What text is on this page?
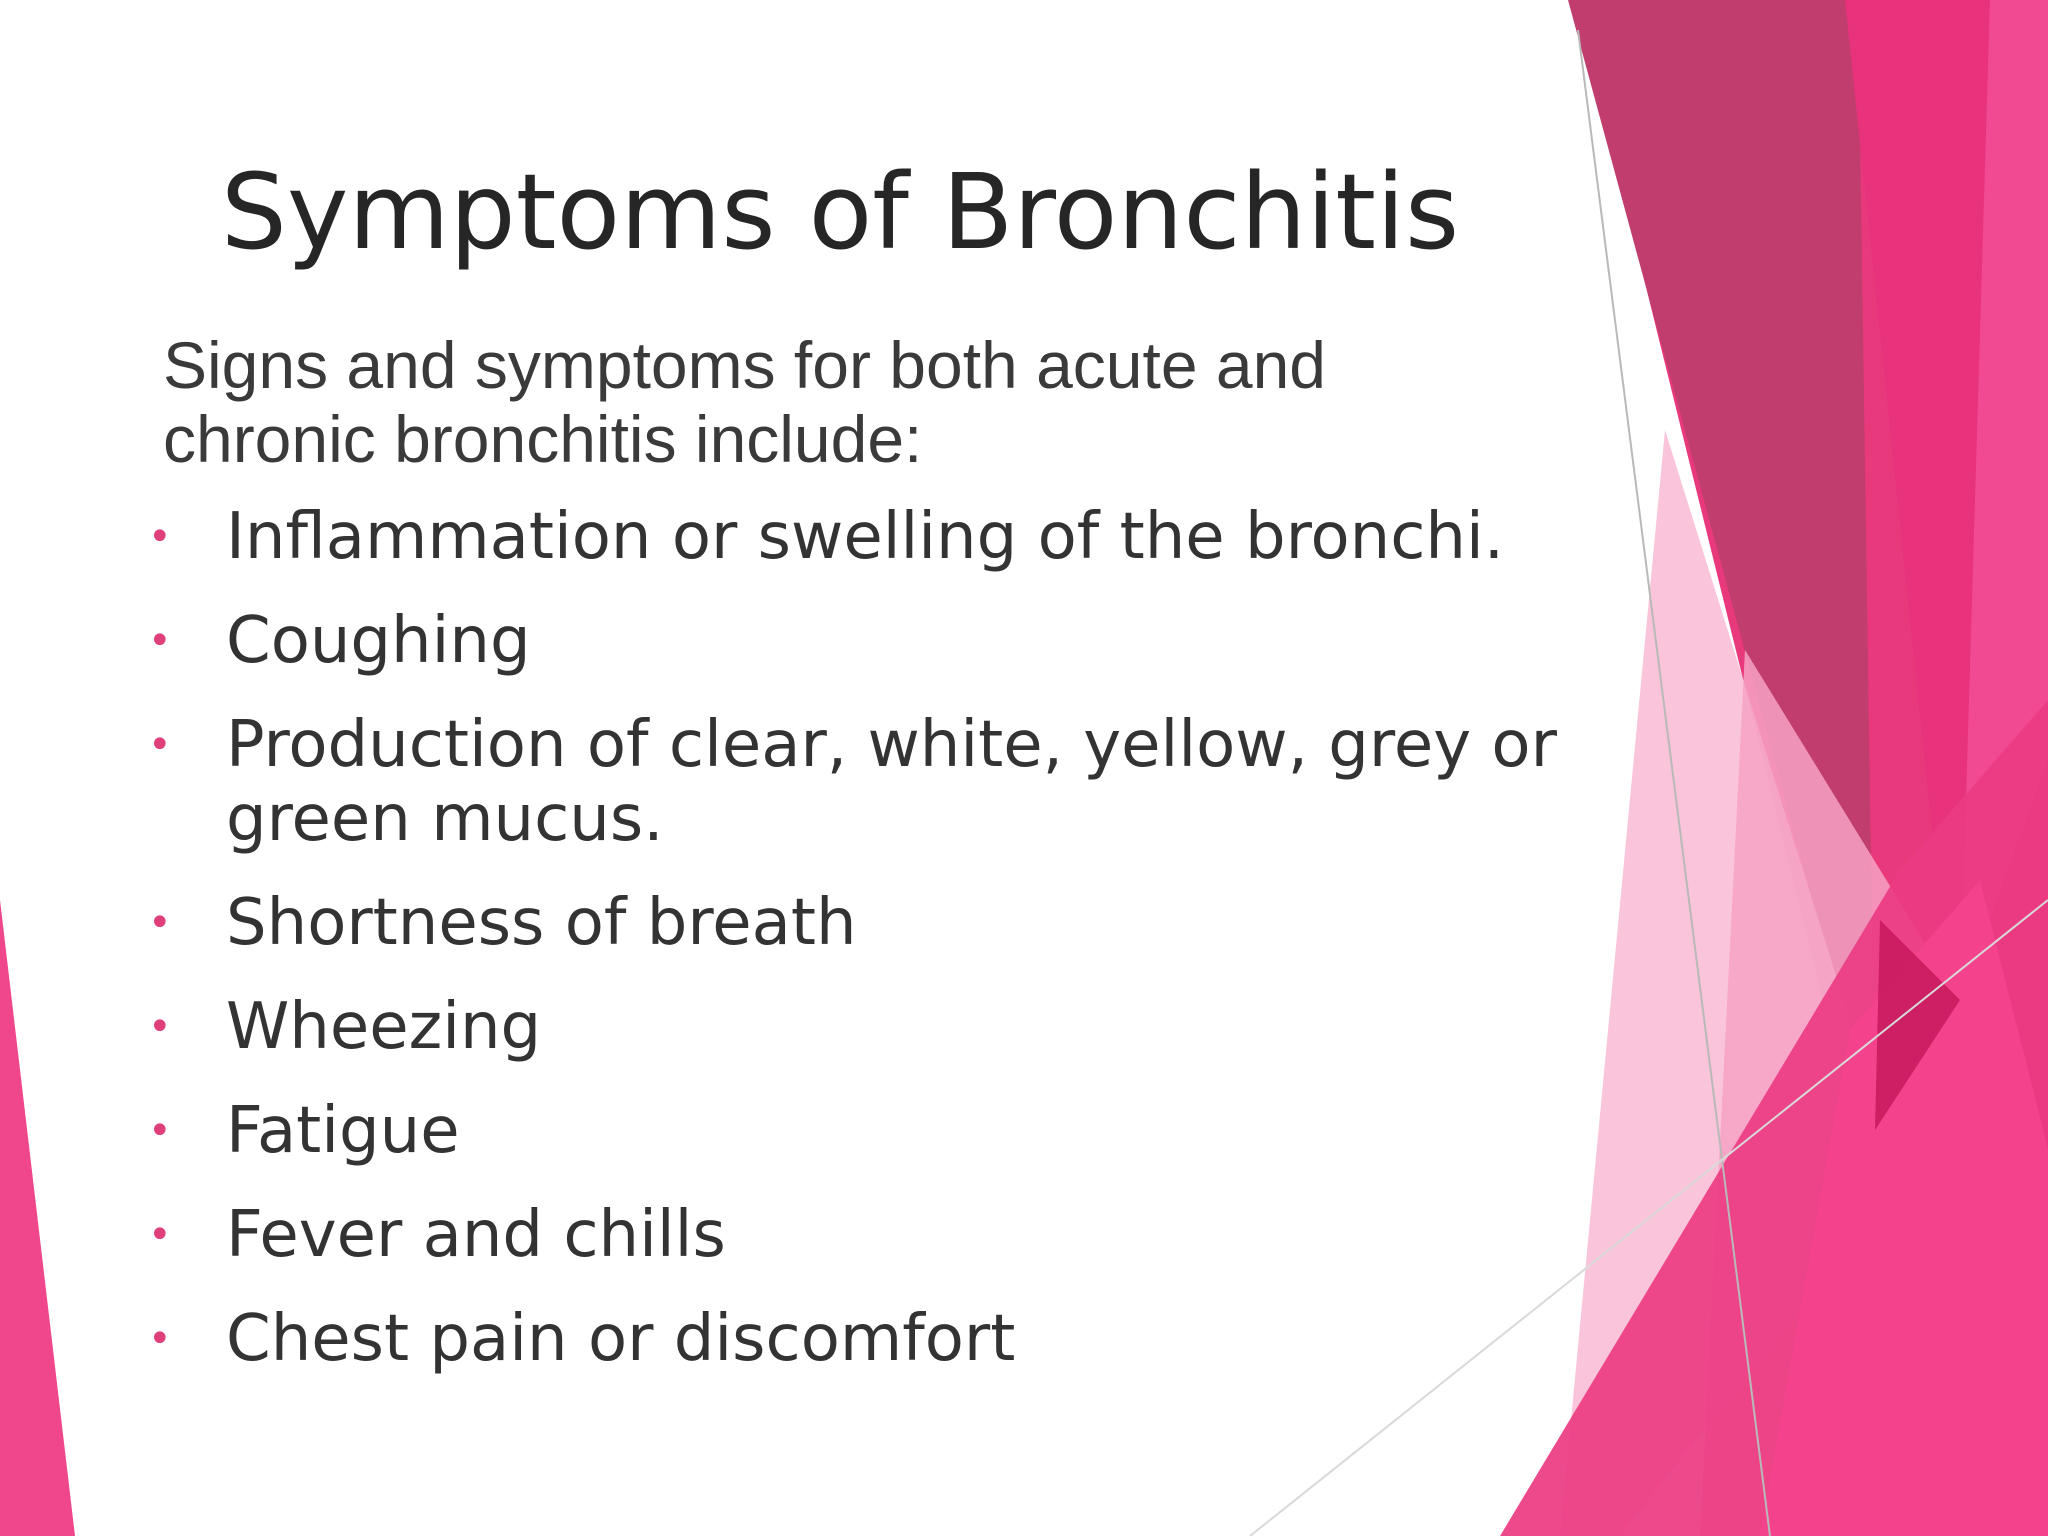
Symptoms of Bronchitis
Signs and symptoms for both acute and chronic bronchitis include:
• Inflammation or swelling of the bronchi.
• Coughing
• Production of clear, white, yellow, grey or green mucus.
• Shortness of breath
• Wheezing
• Fatigue
• Fever and chills
• Chest pain or discomfort
